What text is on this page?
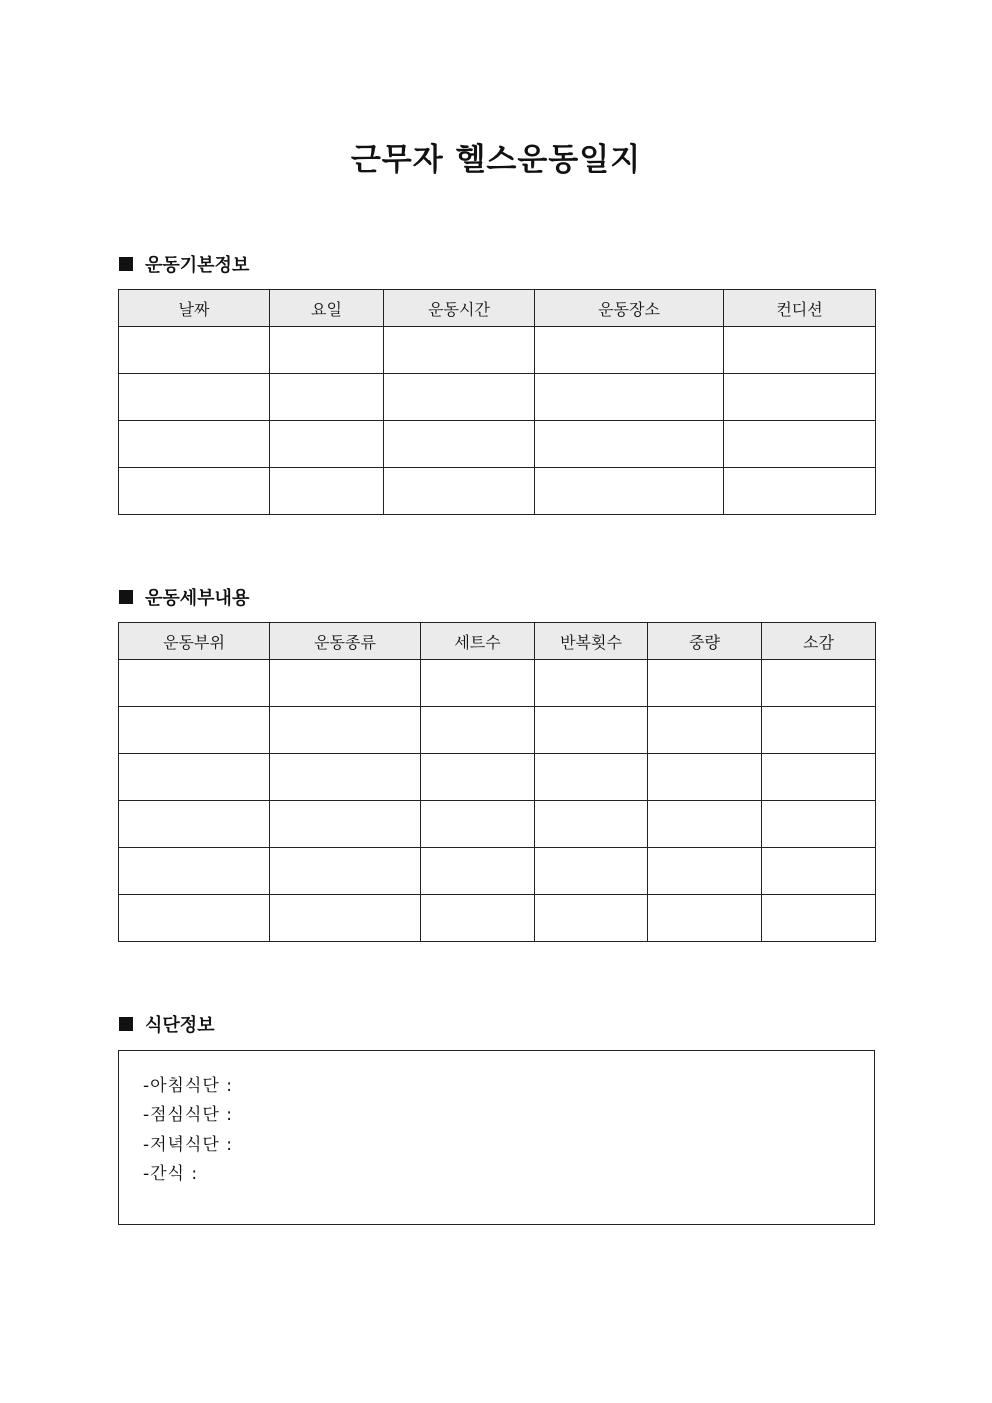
근무자 헬스운동일지
운동기본정보
날짜	요일	운동시간	운동장소	컨디션

운동세부내용
운동부위	운동종류	세트수	반복횟수	중량	소감

식단정보
-아침식단 :
-점심식단 :
-저녁식단 :
-간식 :
